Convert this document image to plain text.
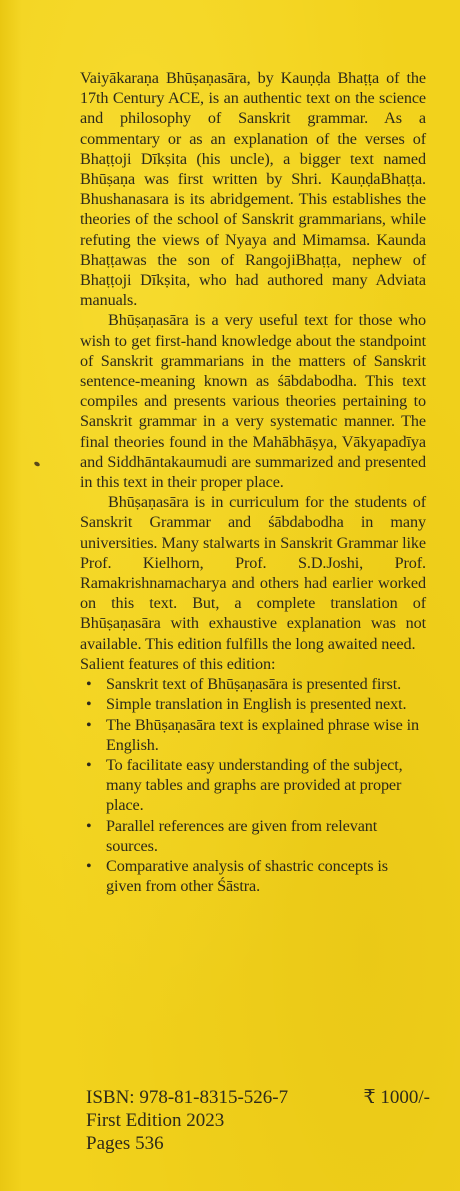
Vaiyākaraṇa Bhūṣaṇasāra, by Kauṇḍa Bhaṭṭa of the 17th Century ACE, is an authentic text on the science and philosophy of Sanskrit grammar. As a commentary or as an explanation of the verses of Bhaṭṭoji Dīkṣita (his uncle), a bigger text named Bhūṣaṇa was first written by Shri. KauṇḍaBhaṭṭa. Bhushanasara is its abridgement. This establishes the theories of the school of Sanskrit grammarians, while refuting the views of Nyaya and Mimamsa. Kaunda Bhaṭṭawas the son of RangojiBhaṭṭa, nephew of Bhaṭṭoji Dīkṣita, who had authored many Adviata manuals.

Bhūṣaṇasāra is a very useful text for those who wish to get first-hand knowledge about the standpoint of Sanskrit grammarians in the matters of Sanskrit sentence-meaning known as śābdabodha. This text compiles and presents various theories pertaining to Sanskrit grammar in a very systematic manner. The final theories found in the Mahābhāṣya, Vākyapadīya and Siddhāntakaumudi are summarized and presented in this text in their proper place.

Bhūṣaṇasāra is in curriculum for the students of Sanskrit Grammar and śābdabodha in many universities. Many stalwarts in Sanskrit Grammar like Prof. Kielhorn, Prof. S.D.Joshi, Prof. Ramakrishnamacharya and others had earlier worked on this text. But, a complete translation of Bhūṣaṇasāra with exhaustive explanation was not available. This edition fulfills the long awaited need.

Salient features of this edition:

• Sanskrit text of Bhūṣaṇasāra is presented first.
• Simple translation in English is presented next.
• The Bhūṣaṇasāra text is explained phrase wise in English.
• To facilitate easy understanding of the subject, many tables and graphs are provided at proper place.
• Parallel references are given from relevant sources.
• Comparative analysis of shastric concepts is given from other Śāstra.
ISBN: 978-81-8315-526-7	₹ 1000/-
First Edition 2023
Pages 536
